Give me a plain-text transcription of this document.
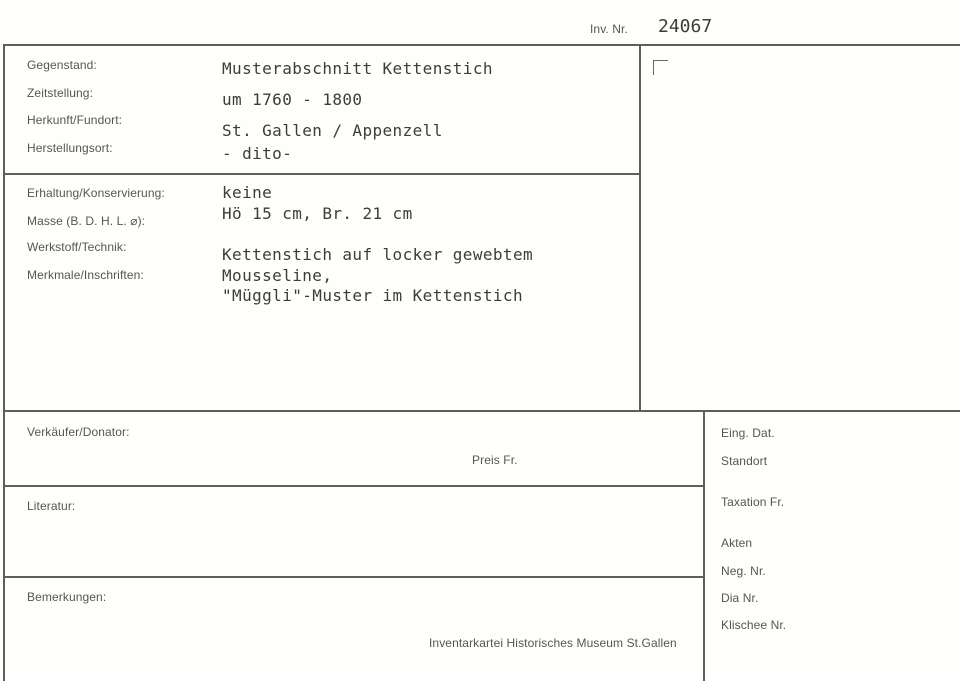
Inv. Nr. 24067
Gegenstand:
Zeitstellung:
Herkunft/Fundort:
Herstellungsort:
Musterabschnitt Kettenstich
um 1760 - 1800
St. Gallen / Appenzell
- dito-
Erhaltung/Konservierung:
Masse (B. D. H. L. ⌀):
Werkstoff/Technik:
Merkmale/Inschriften:
keine
Hö 15 cm, Br. 21 cm
Kettenstich auf locker gewebtem
Mousseline,
"Müggli"-Muster im Kettenstich
Verkäufer/Donator:
Preis Fr.
Literatur:
Bemerkungen:
Inventarkartei Historisches Museum St.Gallen
Eing. Dat.
Standort
Taxation Fr.
Akten
Neg. Nr.
Dia Nr.
Klischee Nr.
